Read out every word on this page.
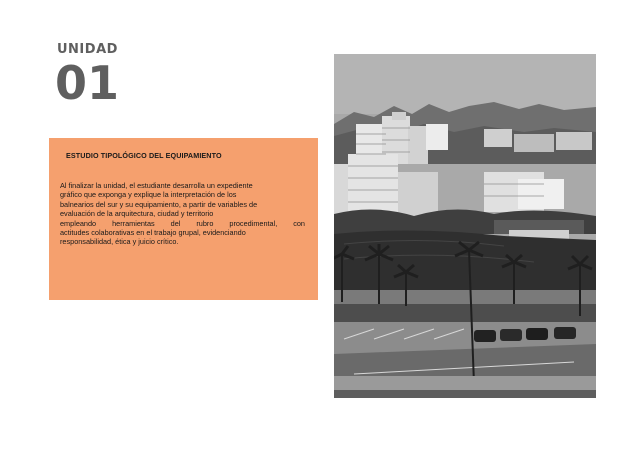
UNIDAD
01
ESTUDIO TIPOLÓGICO DEL EQUIPAMIENTO
Al finalizar la unidad, el estudiante desarrolla un expediente
gráfico que exponga y explique la interpretación de los
balnearios del sur y su equipamiento, a partir de variables de
evaluación de la arquitectura, ciudad y territorio
empleando herramientas del rubro procedimental, con
actitudes colaborativas en el trabajo grupal, evidenciando
responsabilidad, ética y juicio crítico.
